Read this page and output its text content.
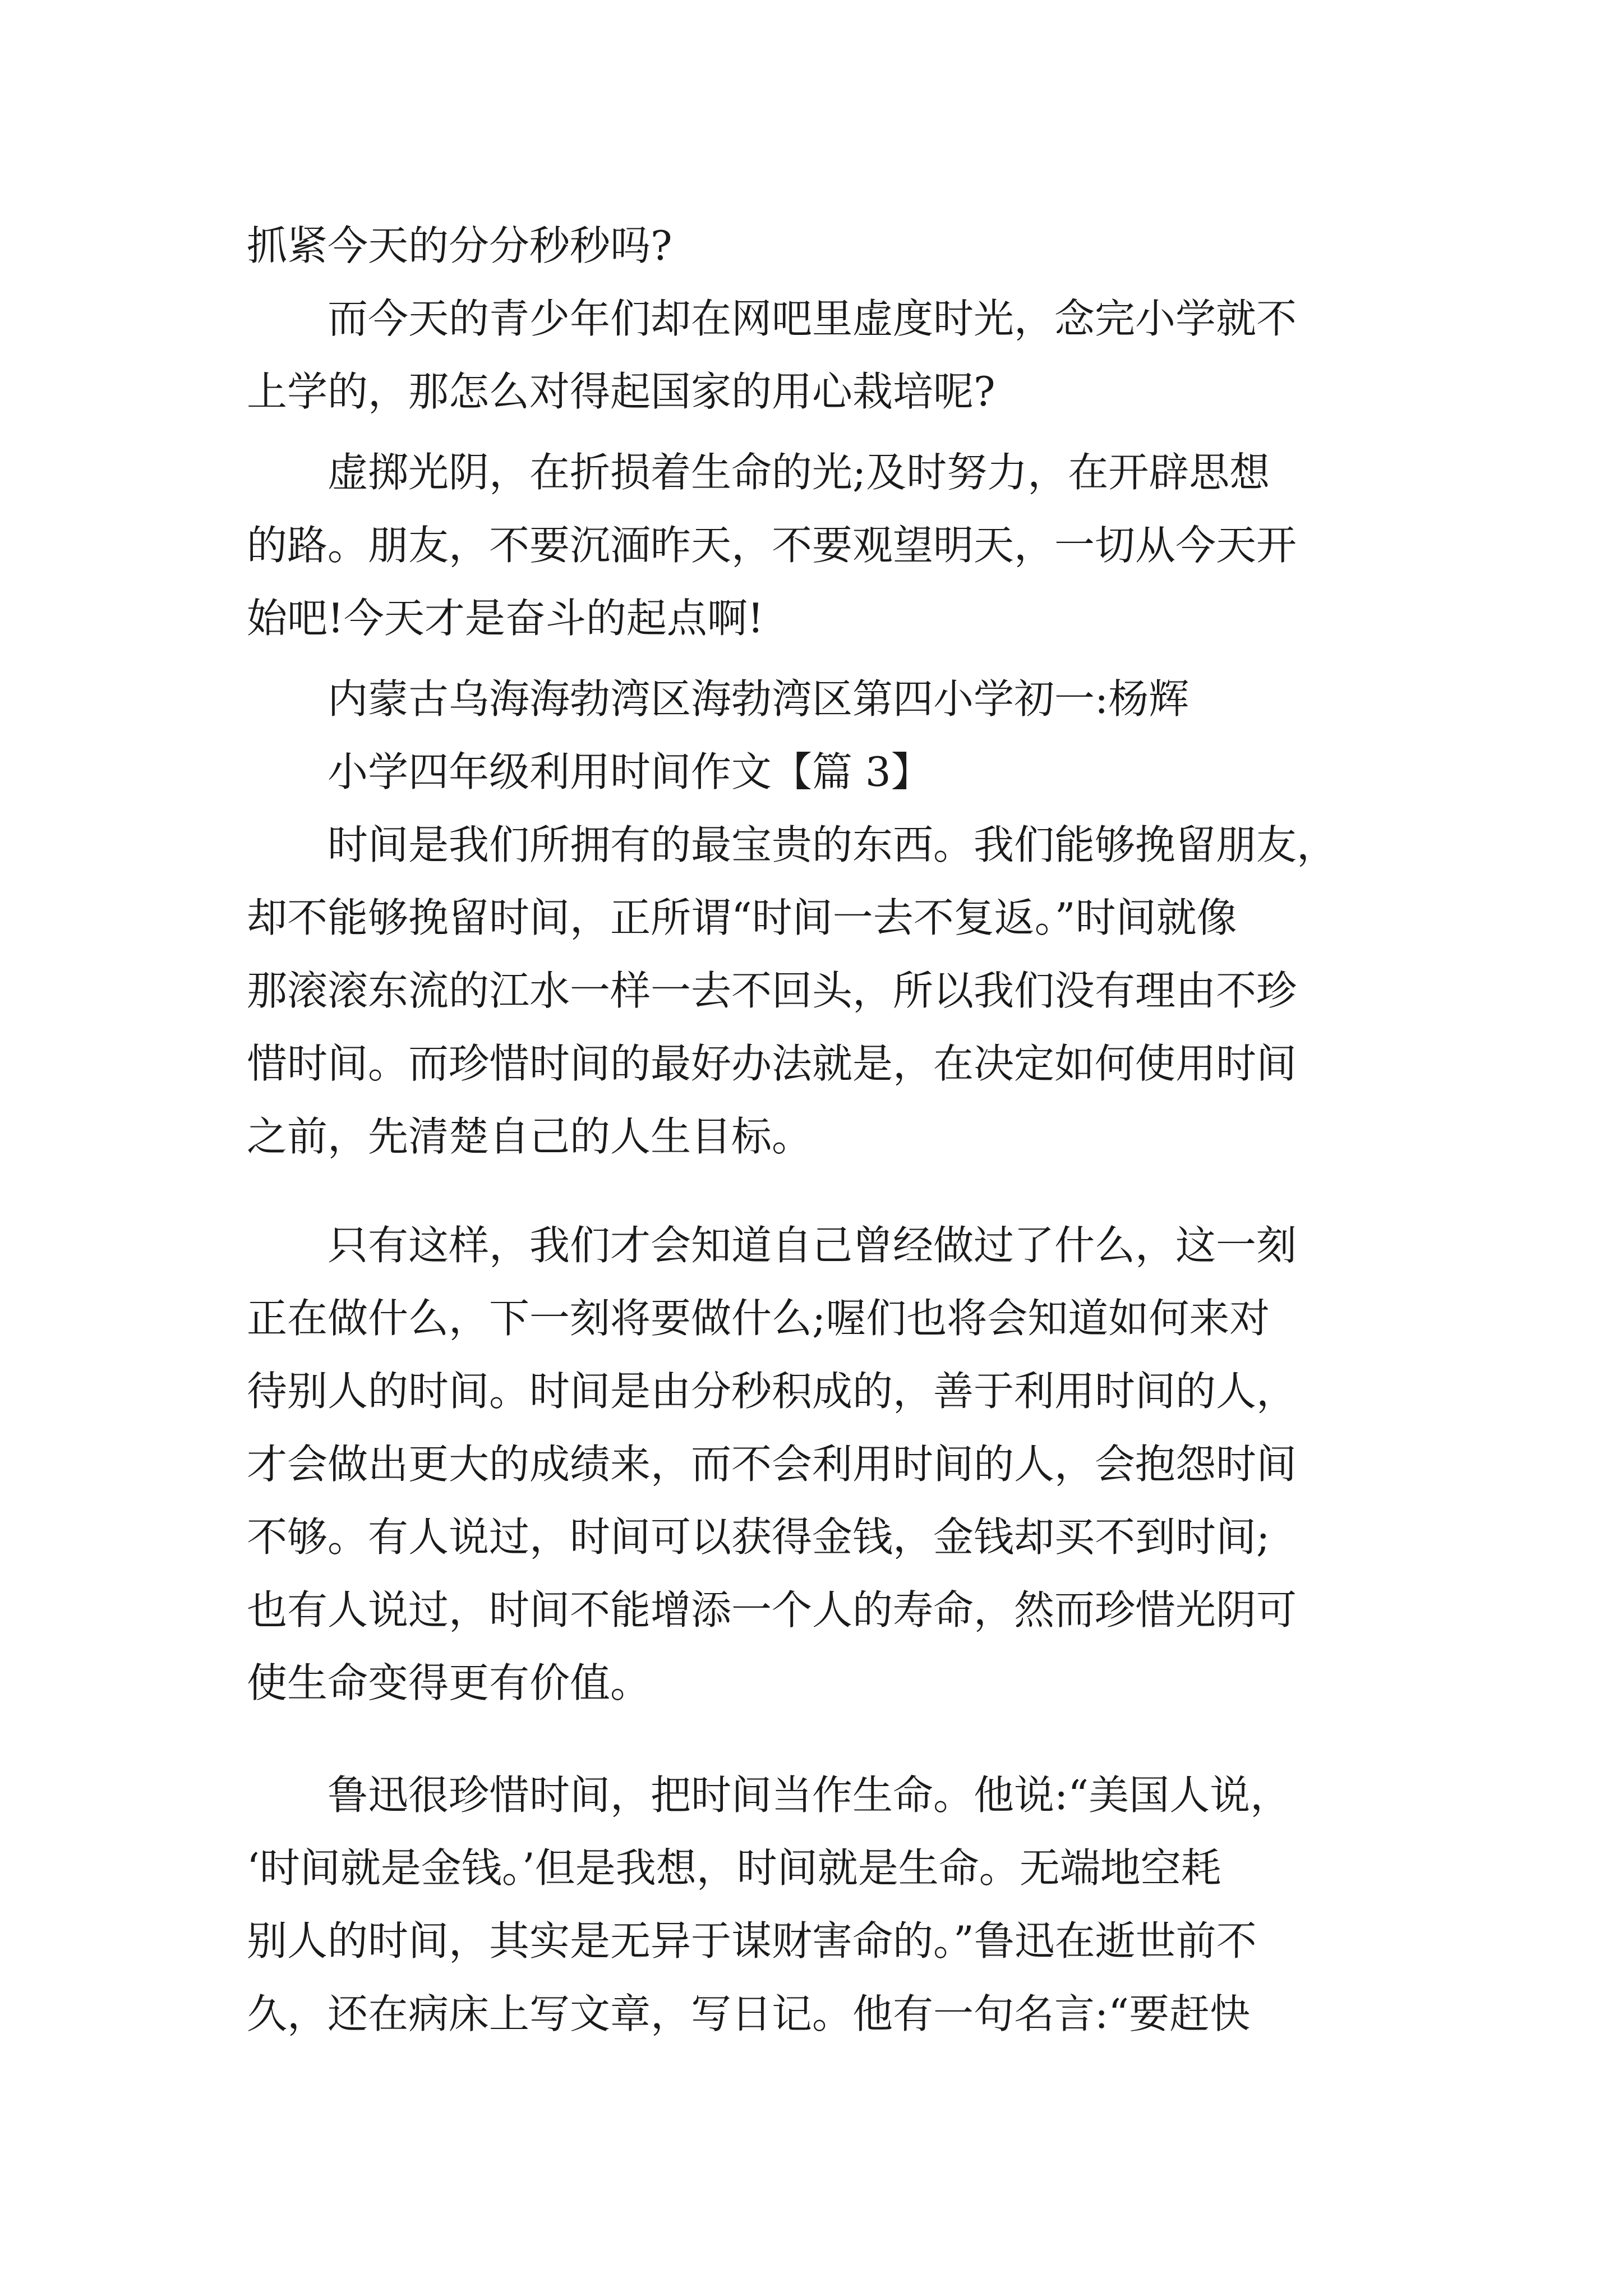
抓紧今天的分分秒秒吗?

而今天的青少年们却在网吧里虚度时光，念完小学就不

上学的，那怎么对得起国家的用心栽培呢?

虚掷光阴，在折损着生命的光;及时努力，在开辟思想

的路。朋友，不要沉湎昨天，不要观望明天，一切从今天开

始吧!今天才是奋斗的起点啊!

内蒙古乌海海勃湾区海勃湾区第四小学初一:杨辉

小学四年级利用时间作文【篇 3】

时间是我们所拥有的最宝贵的东西。我们能够挽留朋友，

却不能够挽留时间，正所谓“时间一去不复返。”时间就像

那滚滚东流的江水一样一去不回头，所以我们没有理由不珍

惜时间。而珍惜时间的最好办法就是，在决定如何使用时间

之前，先清楚自己的人生目标。

只有这样，我们才会知道自己曾经做过了什么，这一刻

正在做什么，下一刻将要做什么;喔们也将会知道如何来对

待别人的时间。时间是由分秒积成的，善于利用时间的人，

才会做出更大的成绩来，而不会利用时间的人，会抱怨时间

不够。有人说过，时间可以获得金钱，金钱却买不到时间;

也有人说过，时间不能增添一个人的寿命，然而珍惜光阴可

使生命变得更有价值。

鲁迅很珍惜时间，把时间当作生命。他说:“美国人说，

‘时间就是金钱。’但是我想，时间就是生命。无端地空耗

别人的时间，其实是无异于谋财害命的。”鲁迅在逝世前不

久，还在病床上写文章，写日记。他有一句名言:“要赶快
